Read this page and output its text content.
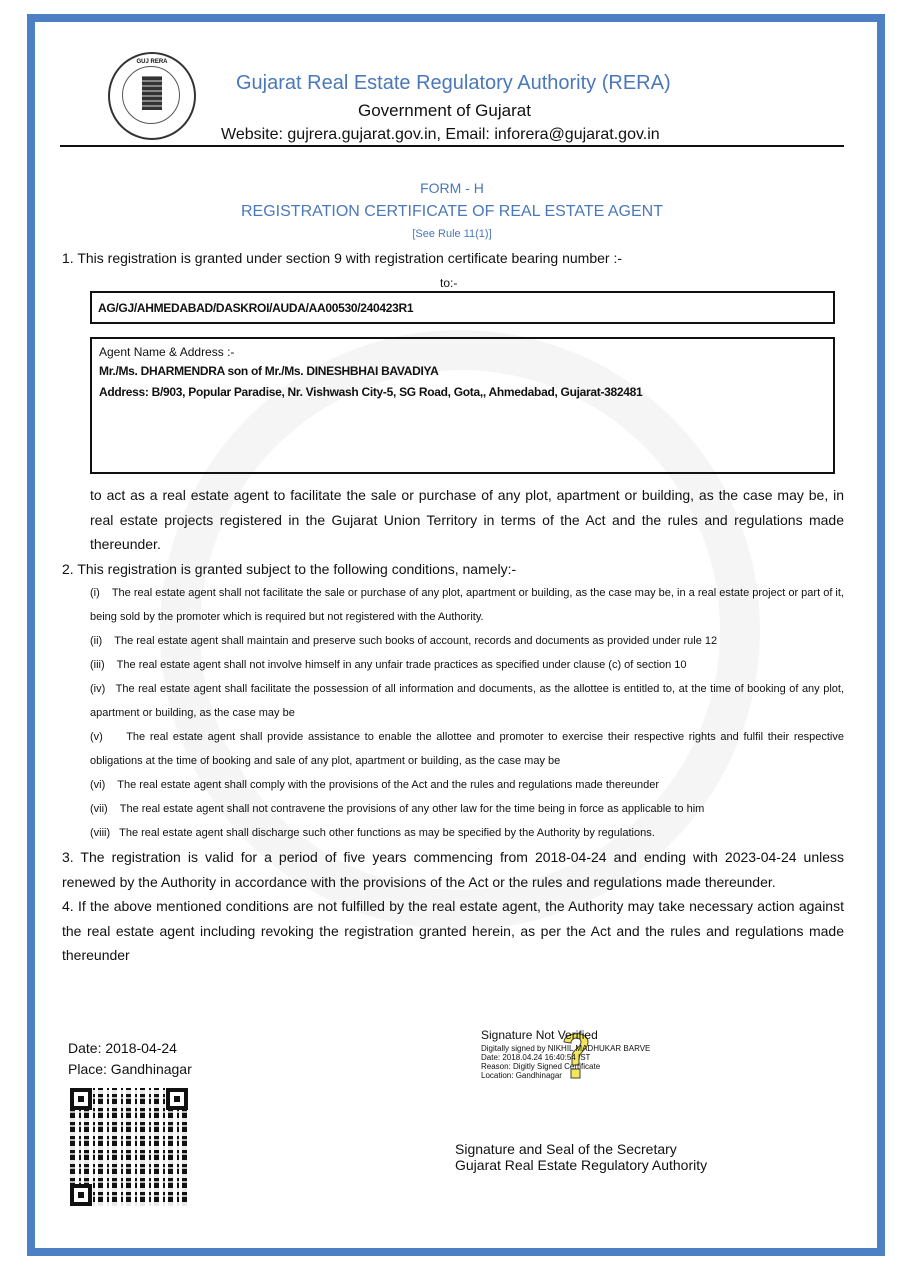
GUJ RERA
Gujarat Real Estate Regulatory Authority (RERA)
Government of Gujarat
Website: gujrera.gujarat.gov.in, Email: inforera@gujarat.gov.in
FORM - H
REGISTRATION CERTIFICATE OF REAL ESTATE AGENT
[See Rule 11(1)]
1. This registration is granted under section 9 with registration certificate bearing number :-
to:-
AG/GJ/AHMEDABAD/DASKROI/AUDA/AA00530/240423R1
Agent Name & Address :-
Mr./Ms. DHARMENDRA son of Mr./Ms. DINESHBHAI BAVADIYA
Address: B/903, Popular Paradise, Nr. Vishwash City-5, SG Road, Gota,, Ahmedabad, Gujarat-382481
to act as a real estate agent to facilitate the sale or purchase of any plot, apartment or building, as the case may be, in real estate projects registered in the Gujarat Union Territory in terms of the Act and the rules and regulations made thereunder.
2. This registration is granted subject to the following conditions, namely:-
(i)    The real estate agent shall not facilitate the sale or purchase of any plot, apartment or building, as the case may be, in a real estate project or part of it, being sold by the promoter which is required but not registered with the Authority.
(ii)    The real estate agent shall maintain and preserve such books of account, records and documents as provided under rule 12
(iii)    The real estate agent shall not involve himself in any unfair trade practices as specified under clause (c) of section 10
(iv)   The real estate agent shall facilitate the possession of all information and documents, as the allottee is entitled to, at the time of booking of any plot, apartment or building, as the case may be
(v)     The real estate agent shall provide assistance to enable the allottee and promoter to exercise their respective rights and fulfil their respective obligations at the time of booking and sale of any plot, apartment or building, as the case may be
(vi)    The real estate agent shall comply with the provisions of the Act and the rules and regulations made thereunder
(vii)    The real estate agent shall not contravene the provisions of any other law for the time being in force as applicable to him
(viii)   The real estate agent shall discharge such other functions as may be specified by the Authority by regulations.
3. The registration is valid for a period of five years commencing from 2018-04-24 and ending with 2023-04-24 unless renewed by the Authority in accordance with the provisions of the Act or the rules and regulations made thereunder.
4. If the above mentioned conditions are not fulfilled by the real estate agent, the Authority may take necessary action against the real estate agent including revoking the registration granted herein, as per the Act and the rules and regulations made thereunder
Date: 2018-04-24
Place: Gandhinagar
Signature Not Verified
Digitally signed by NIKHIL MADHUKAR BARVE
Date: 2018.04.24 16:40:54 IST
Reason: Digitly Signed Certificate
Location: Gandhinagar
Signature and Seal of the Secretary
Gujarat Real Estate Regulatory Authority
